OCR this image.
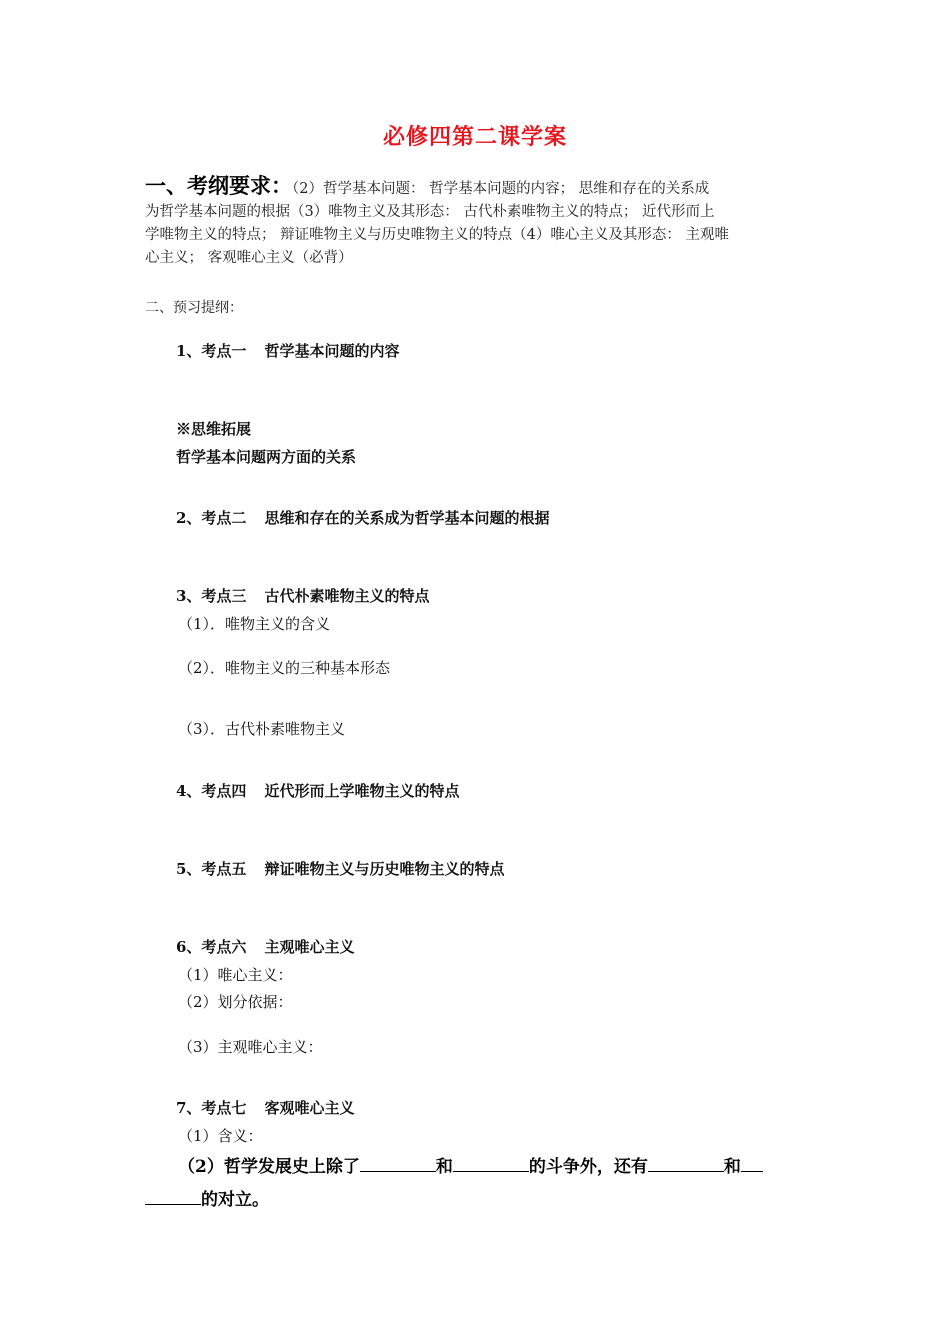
必修四第二课学案
一、考纲要求：（2）哲学基本问题： 哲学基本问题的内容； 思维和存在的关系成
为哲学基本问题的根据（3）唯物主义及其形态： 古代朴素唯物主义的特点； 近代形而上
学唯物主义的特点； 辩证唯物主义与历史唯物主义的特点（4）唯心主义及其形态： 主观唯
心主义； 客观唯心主义（必背）
二、预习提纲：
1、考点一 哲学基本问题的内容
※思维拓展
哲学基本问题两方面的关系
2、考点二 思维和存在的关系成为哲学基本问题的根据
3、考点三 古代朴素唯物主义的特点
（1）．唯物主义的含义
（2）．唯物主义的三种基本形态
（3）．古代朴素唯物主义
4、考点四 近代形而上学唯物主义的特点
5、考点五 辩证唯物主义与历史唯物主义的特点
6、考点六 主观唯心主义
（1）唯心主义：
（2）划分依据：
（3）主观唯心主义：
7、考点七 客观唯心主义
（1）含义：
（2）哲学发展史上除了	和	的斗争外，还有	和
的对立。
